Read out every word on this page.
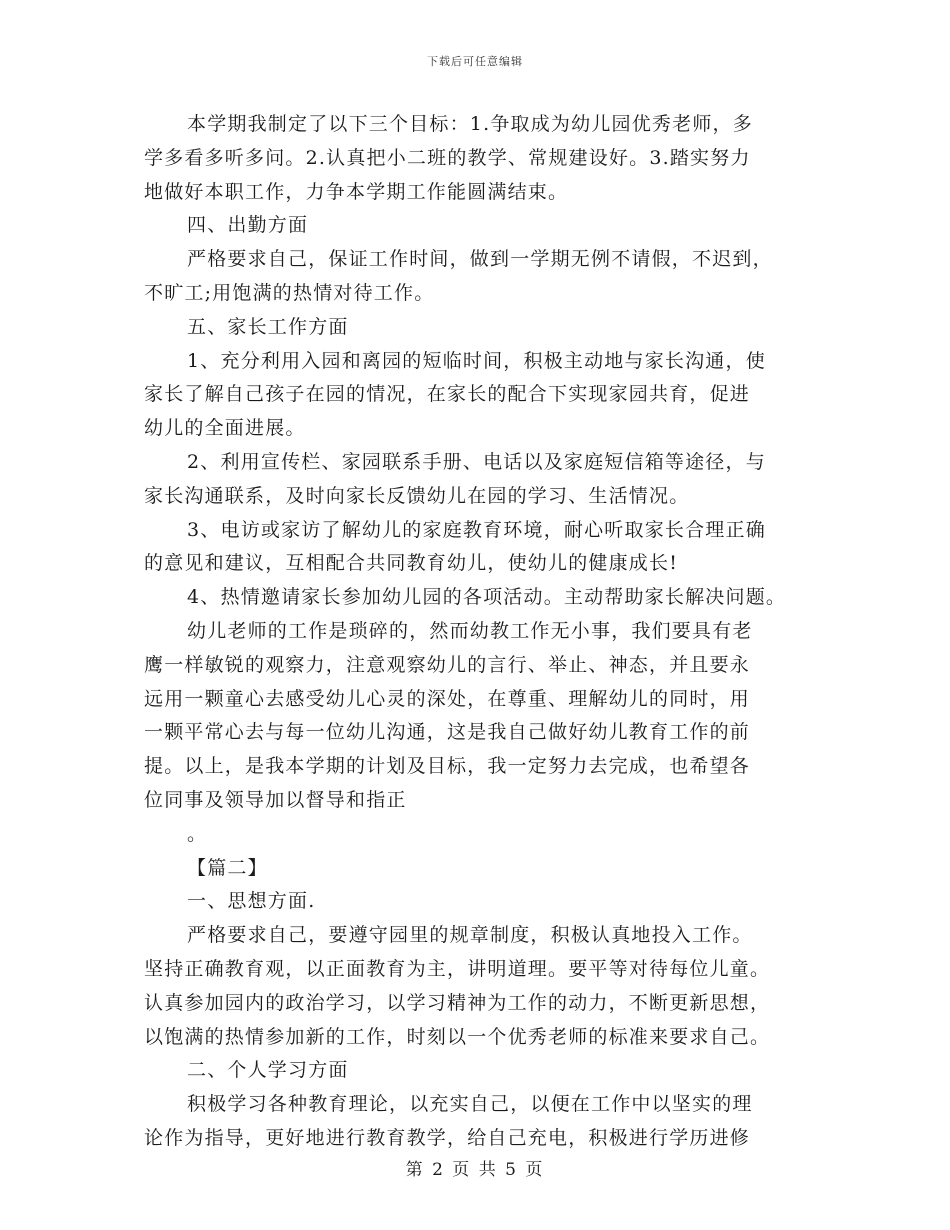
下载后可任意编辑
本学期我制定了以下三个目标：1.争取成为幼儿园优秀老师，多
学多看多听多问。2.认真把小二班的教学、常规建设好。3.踏实努力
地做好本职工作，力争本学期工作能圆满结束。
四、出勤方面
严格要求自己，保证工作时间，做到一学期无例不请假，不迟到，
不旷工;用饱满的热情对待工作。
五、家长工作方面
1、充分利用入园和离园的短临时间，积极主动地与家长沟通，使
家长了解自己孩子在园的情况，在家长的配合下实现家园共育，促进
幼儿的全面进展。
2、利用宣传栏、家园联系手册、电话以及家庭短信箱等途径，与
家长沟通联系，及时向家长反馈幼儿在园的学习、生活情况。
3、电访或家访了解幼儿的家庭教育环境，耐心听取家长合理正确
的意见和建议，互相配合共同教育幼儿，使幼儿的健康成长!
4、热情邀请家长参加幼儿园的各项活动。主动帮助家长解决问题。
幼儿老师的工作是琐碎的，然而幼教工作无小事，我们要具有老
鹰一样敏锐的观察力，注意观察幼儿的言行、举止、神态，并且要永
远用一颗童心去感受幼儿心灵的深处，在尊重、理解幼儿的同时，用
一颗平常心去与每一位幼儿沟通，这是我自己做好幼儿教育工作的前
提。以上，是我本学期的计划及目标，我一定努力去完成，也希望各
位同事及领导加以督导和指正
。
【篇二】
一、思想方面.
严格要求自己，要遵守园里的规章制度，积极认真地投入工作。
坚持正确教育观，以正面教育为主，讲明道理。要平等对待每位儿童。
认真参加园内的政治学习，以学习精神为工作的动力，不断更新思想，
以饱满的热情参加新的工作，时刻以一个优秀老师的标准来要求自己。
二、个人学习方面
积极学习各种教育理论，以充实自己，以便在工作中以坚实的理
论作为指导，更好地进行教育教学，给自己充电，积极进行学历进修
第 2 页 共 5 页
